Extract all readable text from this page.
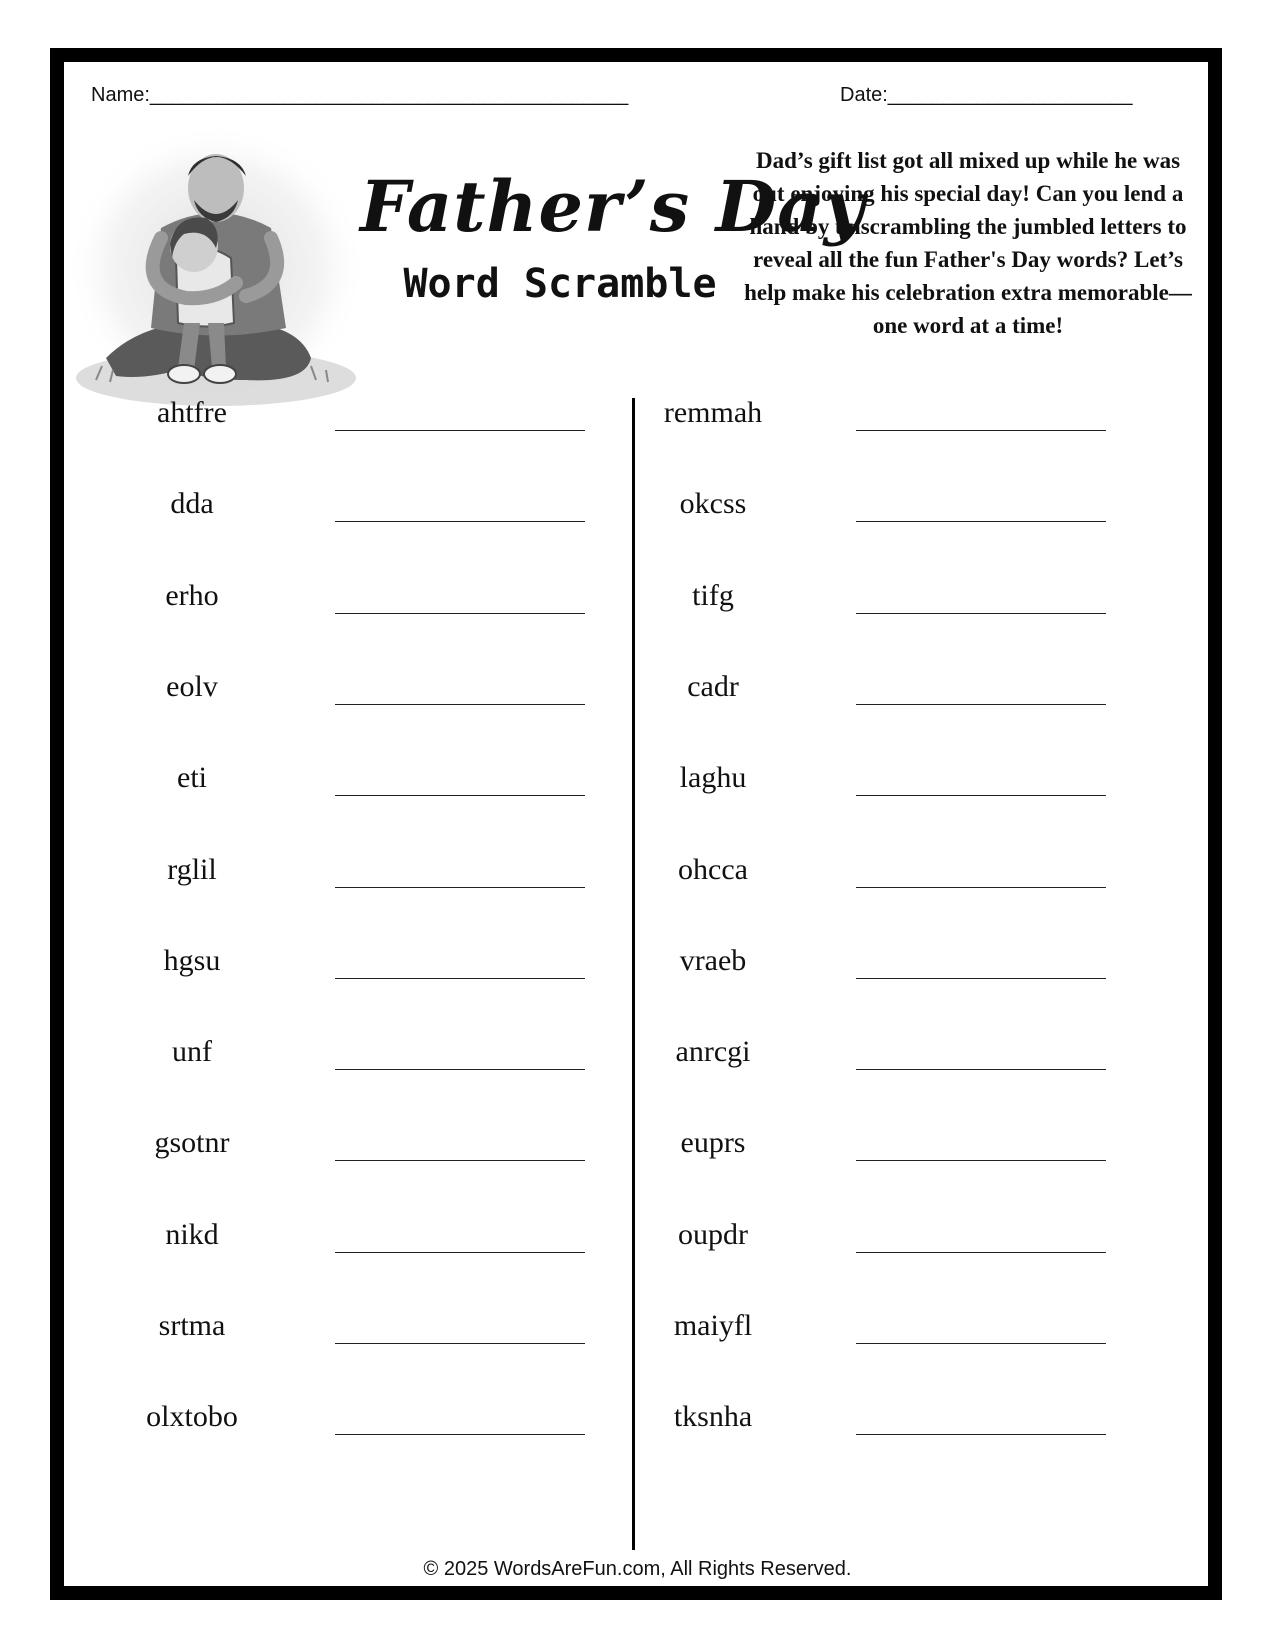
Name:___________________________________________	Date:______________________
Father’s Day
Word Scramble
Dad’s gift list got all mixed up while he was out enjoying his special day! Can you lend a hand by unscrambling the jumbled letters to reveal all the fun Father's Day words? Let’s help make his celebration extra memorable—one word at a time!
ahtfre
dda
erho
eolv
eti
rglil
hgsu
unf
gsotnr
nikd
srtma
olxtobo
remmah
okcss
tifg
cadr
laghu
ohcca
vraeb
anrcgi
euprs
oupdr
maiyfl
tksnha
© 2025 WordsAreFun.com, All Rights Reserved.
